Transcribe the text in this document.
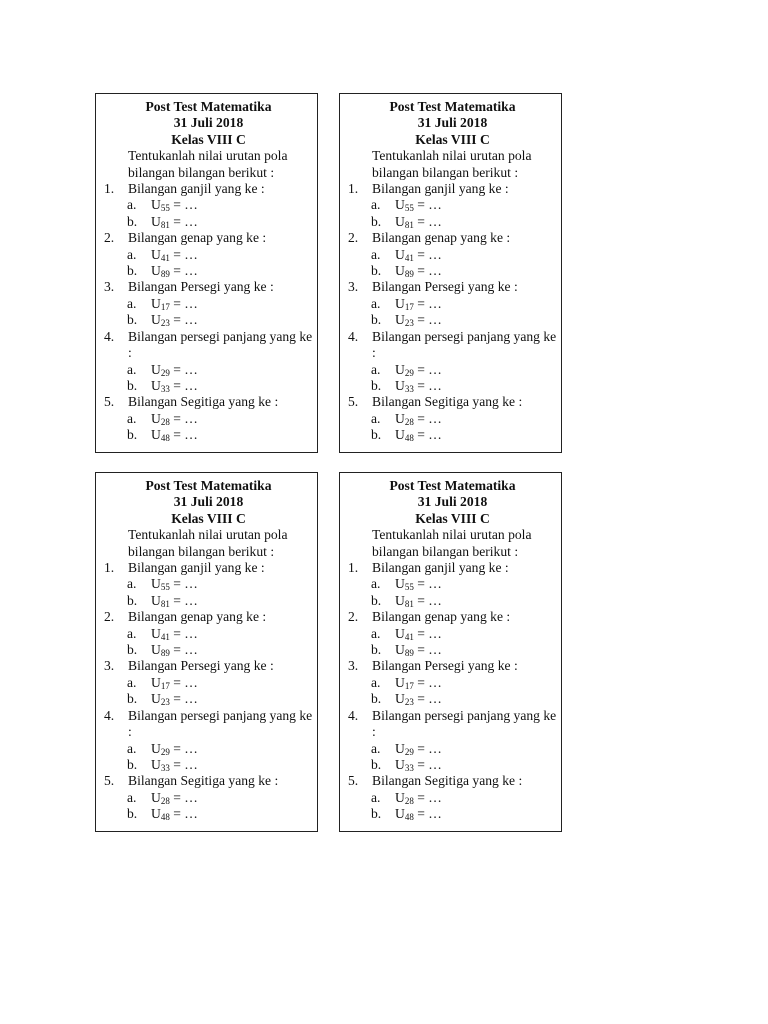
Post Test Matematika
31 Juli 2018
Kelas VIII C
Tentukanlah nilai urutan pola bilangan bilangan berikut :
1. Bilangan ganjil yang ke :
a. $U_{55}$ = …
b. $U_{81}$ = …
2. Bilangan genap yang ke :
a. $U_{41}$ = …
b. $U_{89}$ = …
3. Bilangan Persegi yang ke :
a. $U_{17}$ = …
b. $U_{23}$ = …
4. Bilangan persegi panjang yang ke :
a. $U_{29}$ = …
b. $U_{33}$ = …
5. Bilangan Segitiga yang ke :
a. $U_{28}$ = …
b. $U_{48}$ = …
Post Test Matematika
31 Juli 2018
Kelas VIII C
Tentukanlah nilai urutan pola bilangan bilangan berikut :
1. Bilangan ganjil yang ke :
a. $U_{55}$ = …
b. $U_{81}$ = …
2. Bilangan genap yang ke :
a. $U_{41}$ = …
b. $U_{89}$ = …
3. Bilangan Persegi yang ke :
a. $U_{17}$ = …
b. $U_{23}$ = …
4. Bilangan persegi panjang yang ke :
a. $U_{29}$ = …
b. $U_{33}$ = …
5. Bilangan Segitiga yang ke :
a. $U_{28}$ = …
b. $U_{48}$ = …
Post Test Matematika
31 Juli 2018
Kelas VIII C
Tentukanlah nilai urutan pola bilangan bilangan berikut :
1. Bilangan ganjil yang ke :
a. $U_{55}$ = …
b. $U_{81}$ = …
2. Bilangan genap yang ke :
a. $U_{41}$ = …
b. $U_{89}$ = …
3. Bilangan Persegi yang ke :
a. $U_{17}$ = …
b. $U_{23}$ = …
4. Bilangan persegi panjang yang ke :
a. $U_{29}$ = …
b. $U_{33}$ = …
5. Bilangan Segitiga yang ke :
a. $U_{28}$ = …
b. $U_{48}$ = …
Post Test Matematika
31 Juli 2018
Kelas VIII C
Tentukanlah nilai urutan pola bilangan bilangan berikut :
1. Bilangan ganjil yang ke :
a. $U_{55}$ = …
b. $U_{81}$ = …
2. Bilangan genap yang ke :
a. $U_{41}$ = …
b. $U_{89}$ = …
3. Bilangan Persegi yang ke :
a. $U_{17}$ = …
b. $U_{23}$ = …
4. Bilangan persegi panjang yang ke :
a. $U_{29}$ = …
b. $U_{33}$ = …
5. Bilangan Segitiga yang ke :
a. $U_{28}$ = …
b. $U_{48}$ = …
